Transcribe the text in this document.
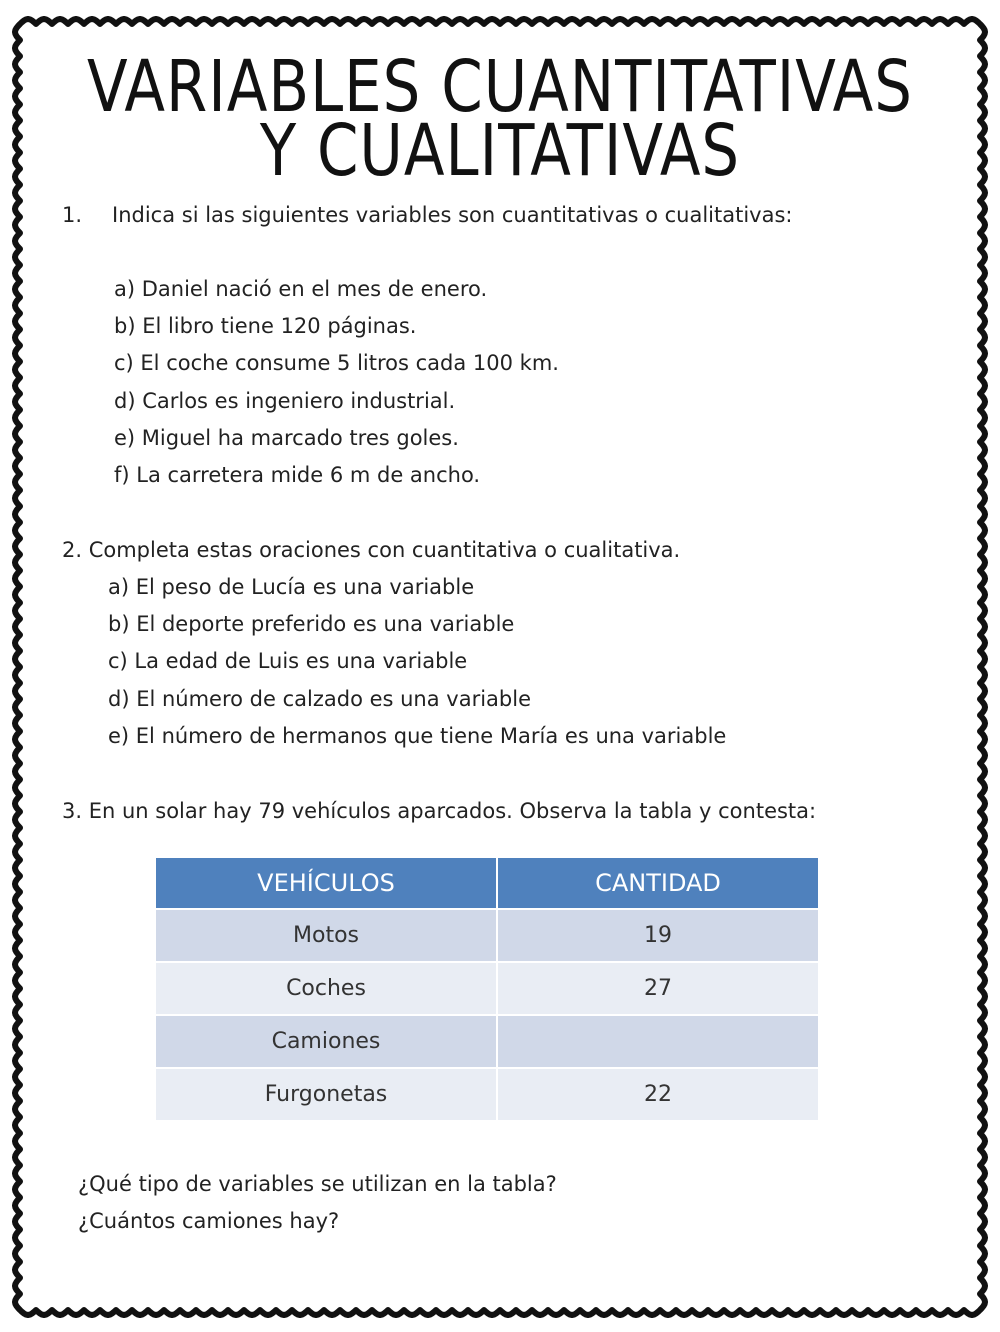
VARIABLES CUANTITATIVAS
Y CUALITATIVAS
1. Indica si las siguientes variables son cuantitativas o cualitativas:
a) Daniel nació en el mes de enero.
b) El libro tiene 120 páginas.
c) El coche consume 5 litros cada 100 km.
d) Carlos es ingeniero industrial.
e) Miguel ha marcado tres goles.
f) La carretera mide 6 m de ancho.
2. Completa estas oraciones con cuantitativa o cualitativa.
a) El peso de Lucía es una variable
b) El deporte preferido es una variable
c) La edad de Luis es una variable
d) El número de calzado es una variable
e) El número de hermanos que tiene María es una variable
3. En un solar hay 79 vehículos aparcados. Observa la tabla y contesta:
VEHÍCULOS	CANTIDAD
Motos	19
Coches	27
Camiones	
Furgonetas	22
¿Qué tipo de variables se utilizan en la tabla?
¿Cuántos camiones hay?
